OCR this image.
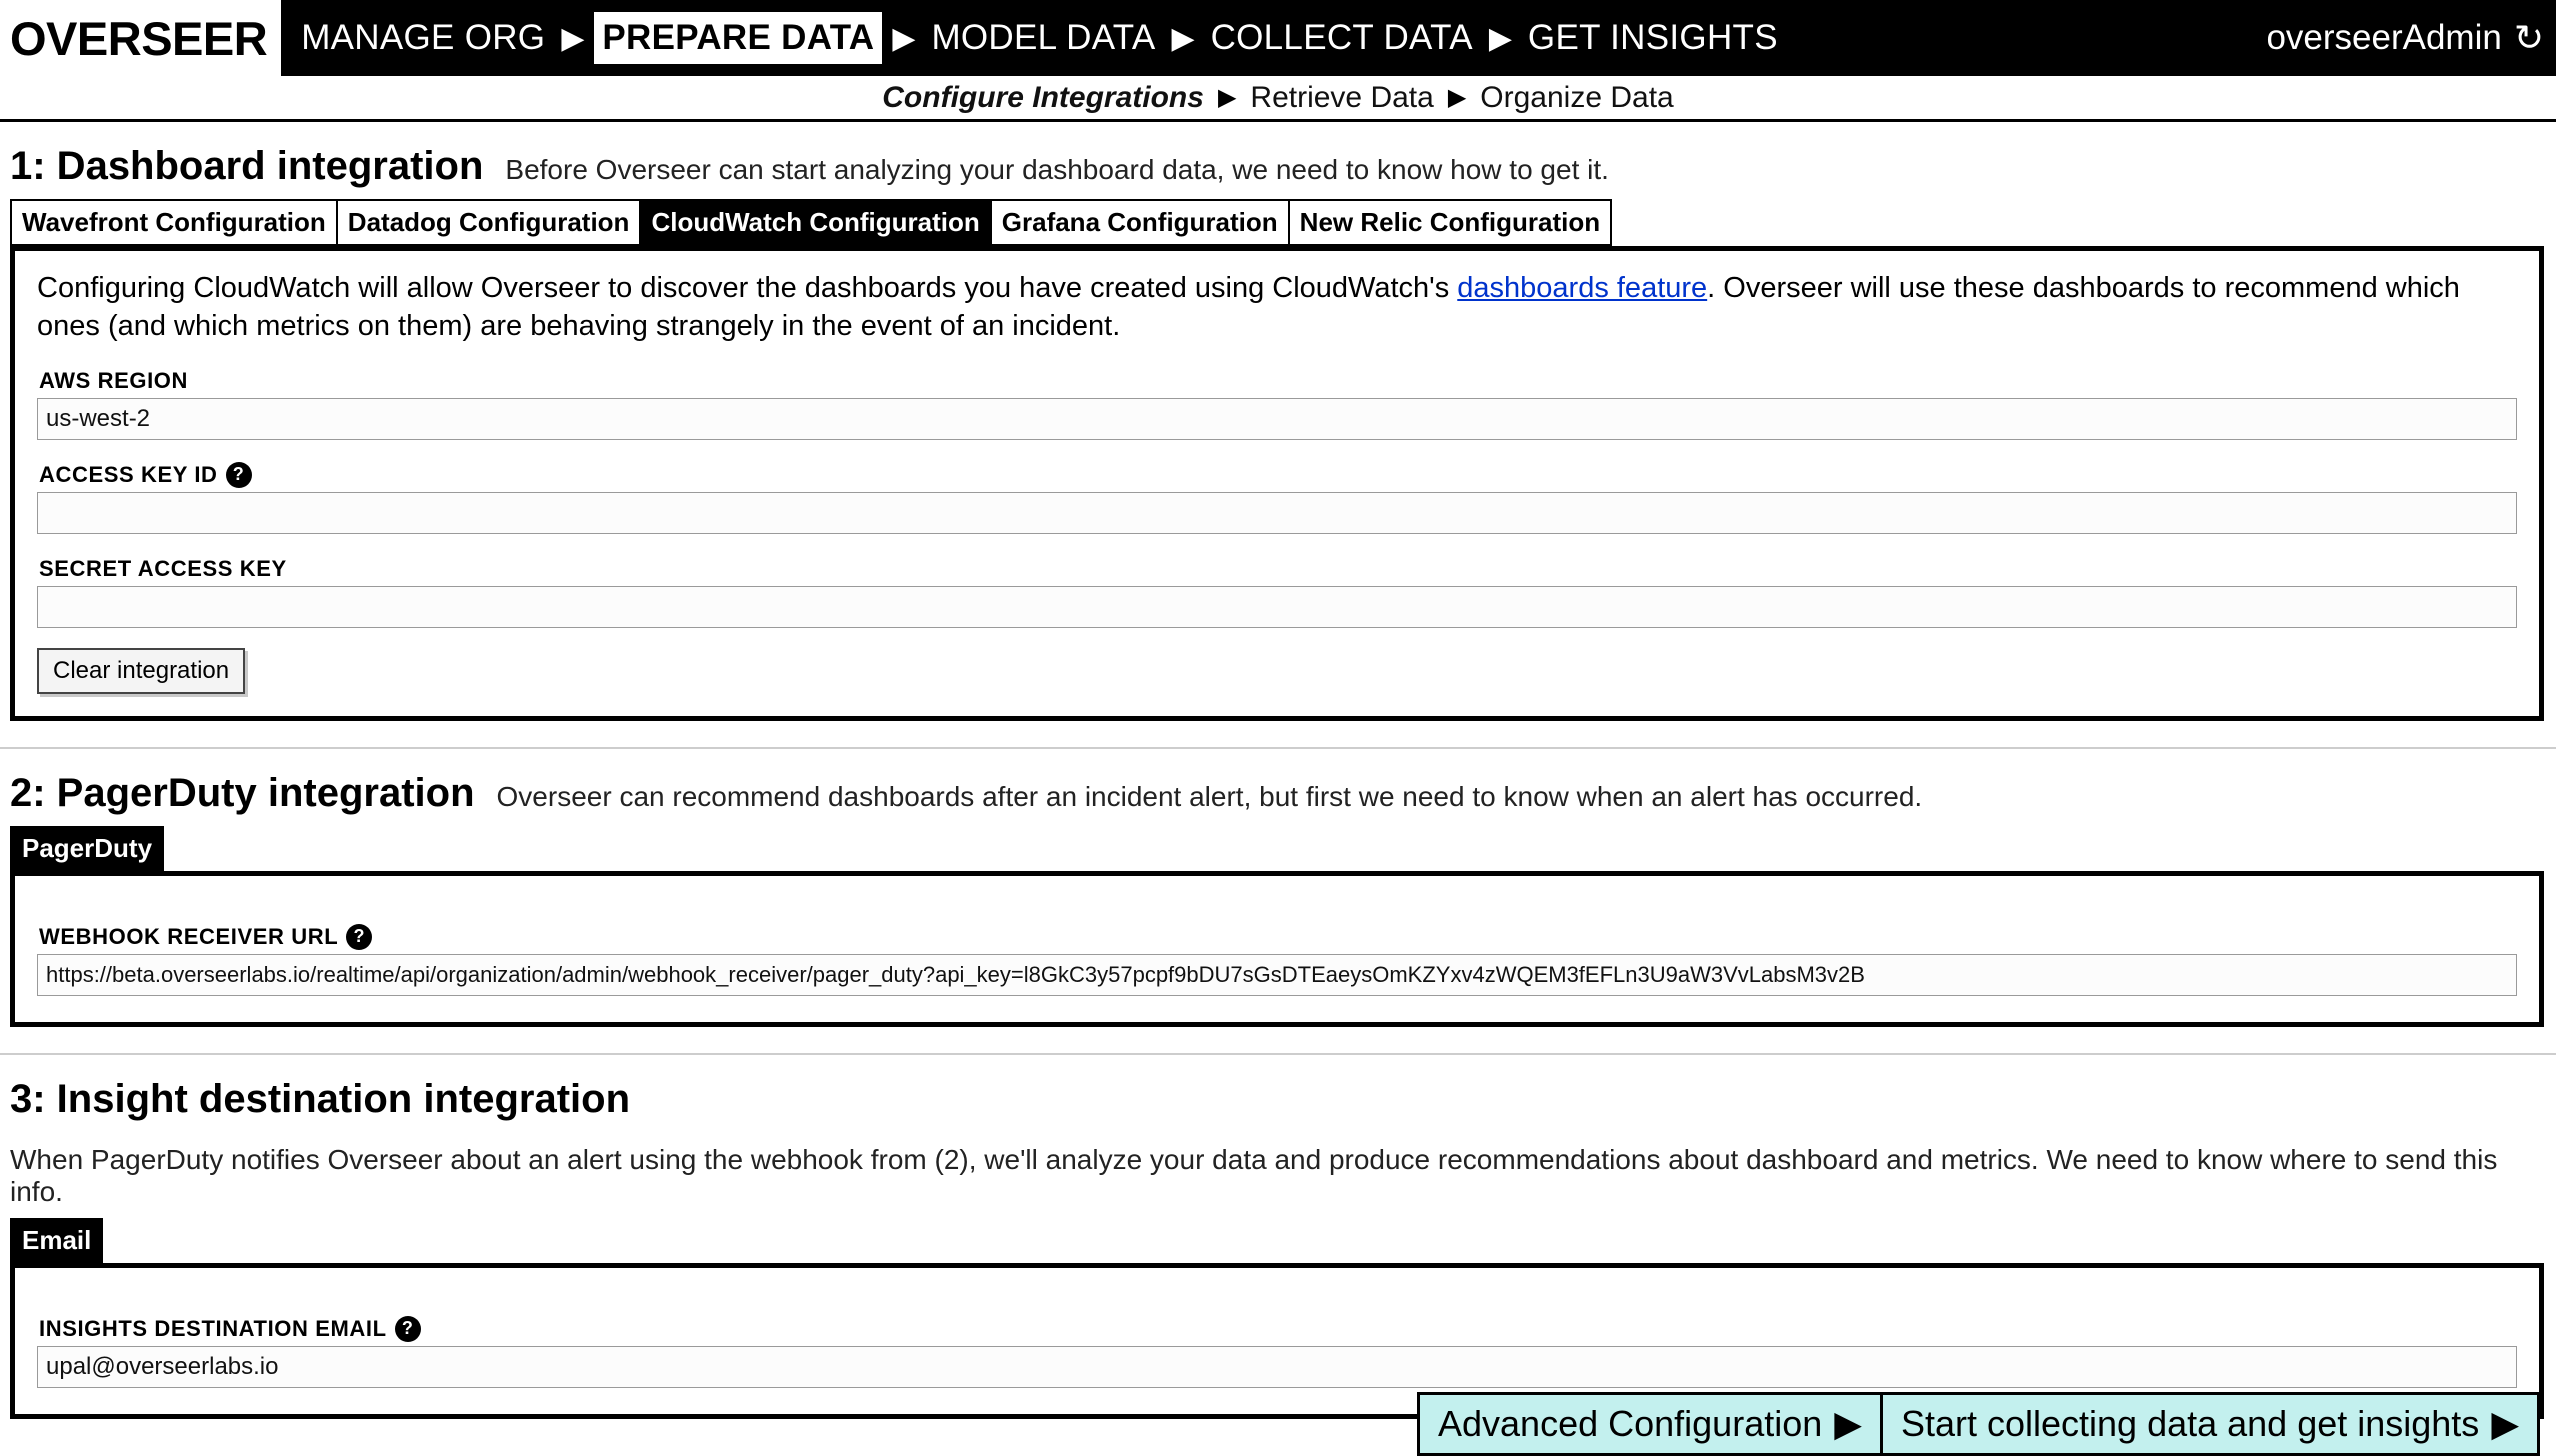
OVERSEER MANAGE ORG ▶ PREPARE DATA ▶ MODEL DATA ▶ COLLECT DATA ▶ GET INSIGHTS	overseerAdmin ↻
Configure Integrations ▶ Retrieve Data ▶ Organize Data
1: Dashboard integration Before Overseer can start analyzing your dashboard data, we need to know how to get it.
Wavefront Configuration Datadog Configuration CloudWatch Configuration Grafana Configuration New Relic Configuration
Configuring CloudWatch will allow Overseer to discover the dashboards you have created using CloudWatch's dashboards feature. Overseer will use these dashboards to recommend which ones (and which metrics on them) are behaving strangely in the event of an incident.
AWS REGION
us-west-2
ACCESS KEY ID ?
SECRET ACCESS KEY
Clear integration
2: PagerDuty integration Overseer can recommend dashboards after an incident alert, but first we need to know when an alert has occurred.
PagerDuty
WEBHOOK RECEIVER URL ?
https://beta.overseerlabs.io/realtime/api/organization/admin/webhook_receiver/pager_duty?api_key=l8GkC3y57pcpf9bDU7sGsDTEaeysOmKZYxv4zWQEM3fEFLn3U9aW3VvLabsM3v2B
3: Insight destination integration
When PagerDuty notifies Overseer about an alert using the webhook from (2), we'll analyze your data and produce recommendations about dashboard and metrics. We need to know where to send this info.
Email
INSIGHTS DESTINATION EMAIL ?
upal@overseerlabs.io
Advanced Configuration ▶ Start collecting data and get insights ▶
